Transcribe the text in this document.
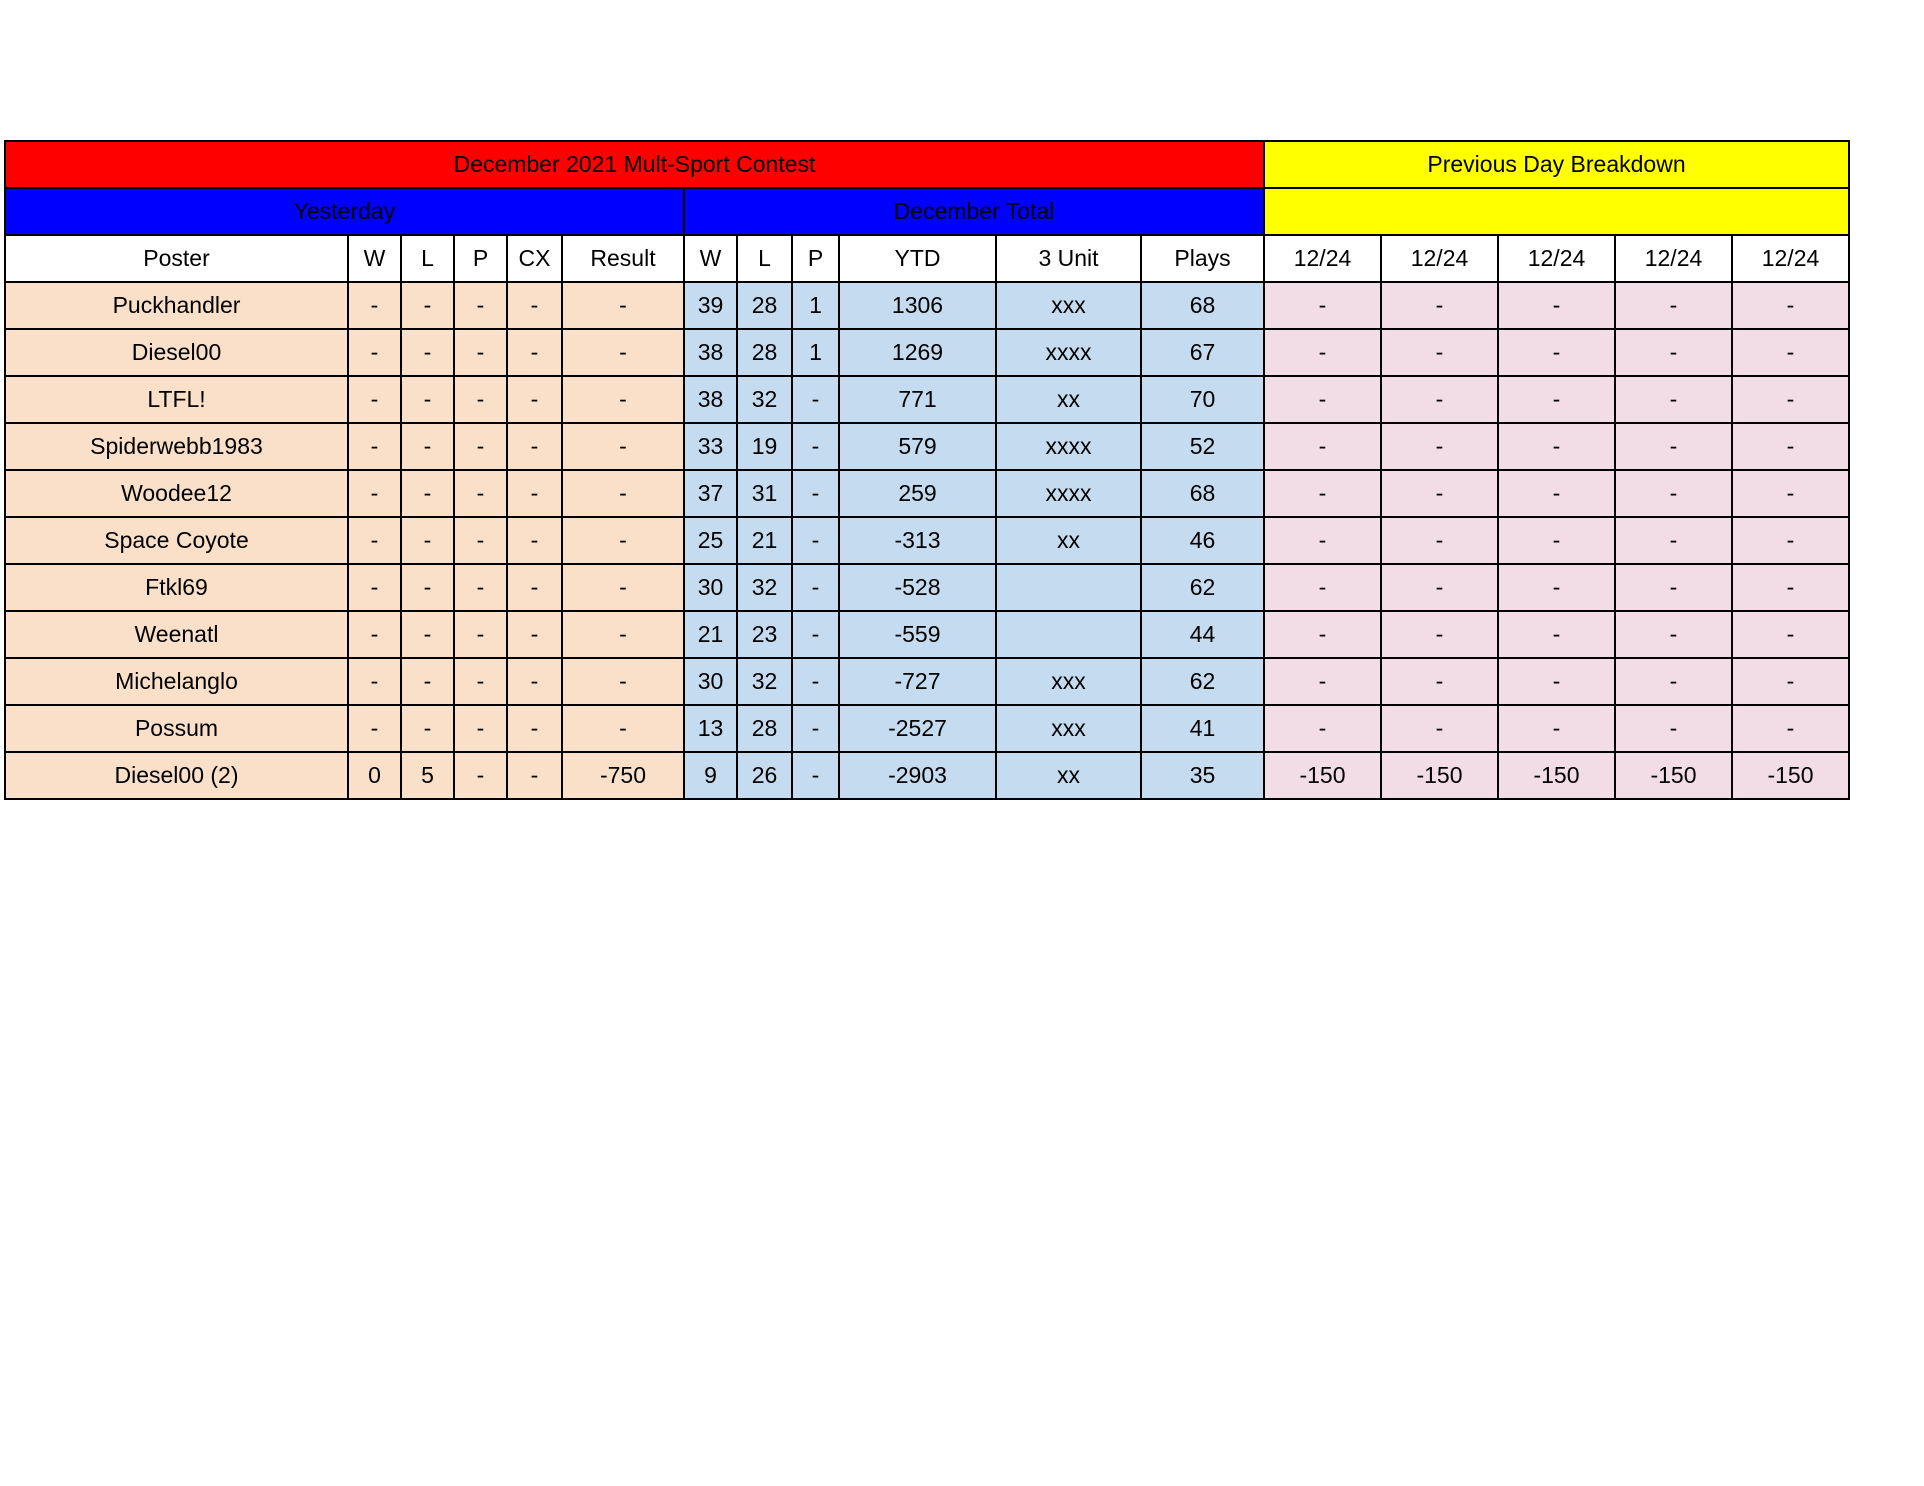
December 2021 Mult-Sport Contest												Previous Day Breakdown				
Yesterday						December Total										
Poster	W	L	P	CX	Result	W	L	P	YTD	3 Unit	Plays	12/24	12/24	12/24	12/24	12/24
Puckhandler	-	-	-	-	-	39	28	1	1306	xxx	68	-	-	-	-	-
Diesel00	-	-	-	-	-	38	28	1	1269	xxxx	67	-	-	-	-	-
LTFL!	-	-	-	-	-	38	32	-	771	xx	70	-	-	-	-	-
Spiderwebb1983	-	-	-	-	-	33	19	-	579	xxxx	52	-	-	-	-	-
Woodee12	-	-	-	-	-	37	31	-	259	xxxx	68	-	-	-	-	-
Space Coyote	-	-	-	-	-	25	21	-	-313	xx	46	-	-	-	-	-
Ftkl69	-	-	-	-	-	30	32	-	-528		62	-	-	-	-	-
Weenatl	-	-	-	-	-	21	23	-	-559		44	-	-	-	-	-
Michelanglo	-	-	-	-	-	30	32	-	-727	xxx	62	-	-	-	-	-
Possum	-	-	-	-	-	13	28	-	-2527	xxx	41	-	-	-	-	-
Diesel00 (2)	0	5	-	-	-750	9	26	-	-2903	xx	35	-150	-150	-150	-150	-150
